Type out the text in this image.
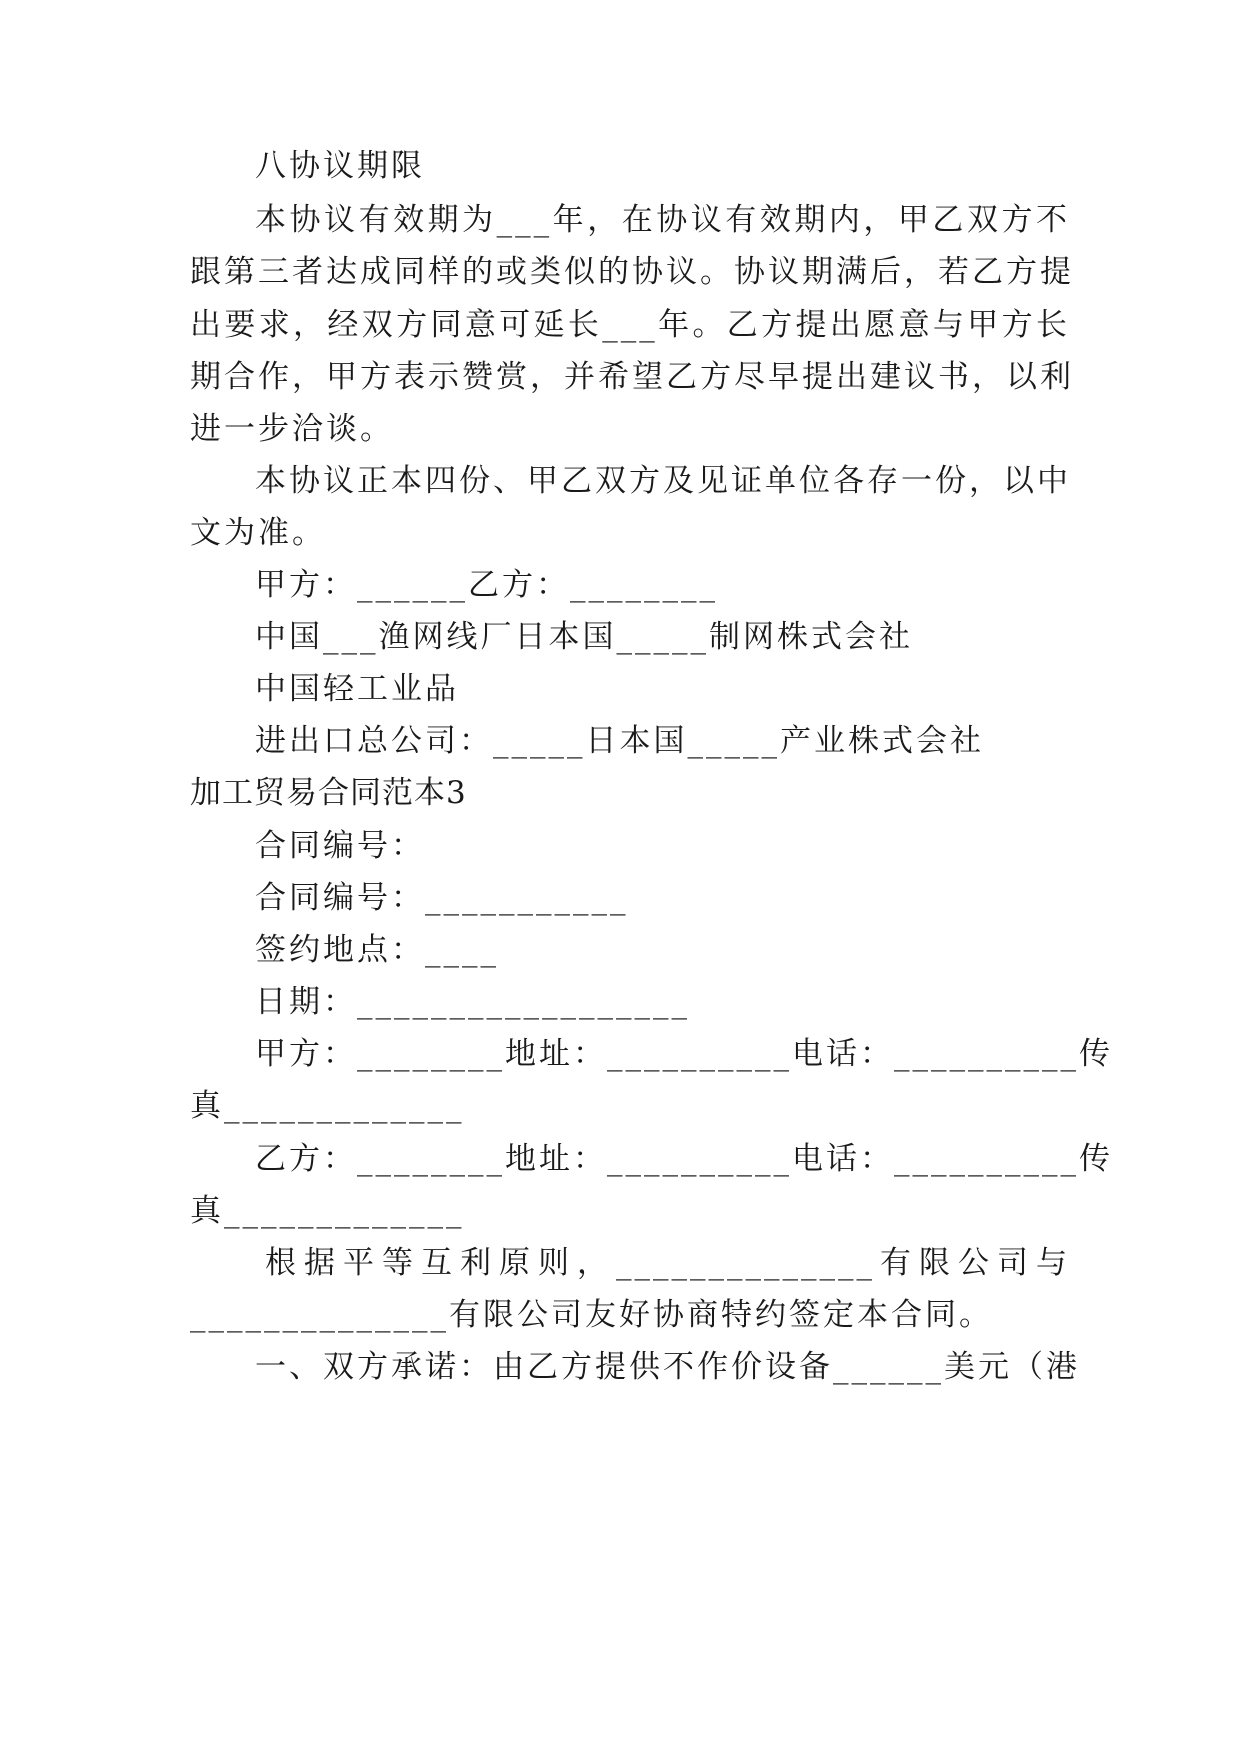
八协议期限
本协议有效期为___年，在协议有效期内，甲乙双方不
跟第三者达成同样的或类似的协议。协议期满后，若乙方提
出要求，经双方同意可延长___年。乙方提出愿意与甲方长
期合作，甲方表示赞赏，并希望乙方尽早提出建议书，以利
进一步洽谈。
本协议正本四份、甲乙双方及见证单位各存一份，以中
文为准。
甲方：______乙方：________
中国___渔网线厂日本国_____制网株式会社
中国轻工业品
进出口总公司：_____日本国_____产业株式会社
加工贸易合同范本3
合同编号：
合同编号：___________
签约地点：____
日期：__________________
甲方：________地址：__________电话：__________传
真_____________
乙方：________地址：__________电话：__________传
真_____________
根据平等互利原则，______________有限公司与
______________有限公司友好协商特约签定本合同。
一、双方承诺：由乙方提供不作价设备______美元（港
